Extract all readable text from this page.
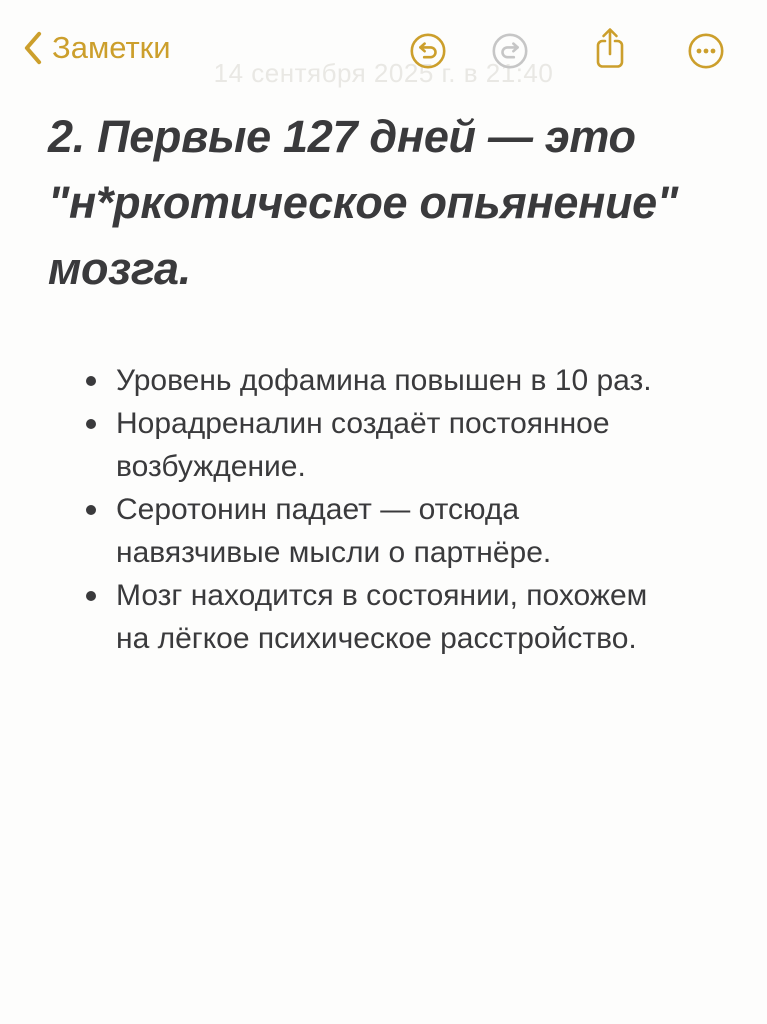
14 сентября 2025 г. в 21:40
Заметки
2. Первые 127 дней — это "н*ркотическое опьянение" мозга.
Уровень дофамина повышен в 10 раз.
Норадреналин создаёт постоянное возбуждение.
Серотонин падает — отсюда навязчивые мысли о партнёре.
Мозг находится в состоянии, похожем на лёгкое психическое расстройство.
